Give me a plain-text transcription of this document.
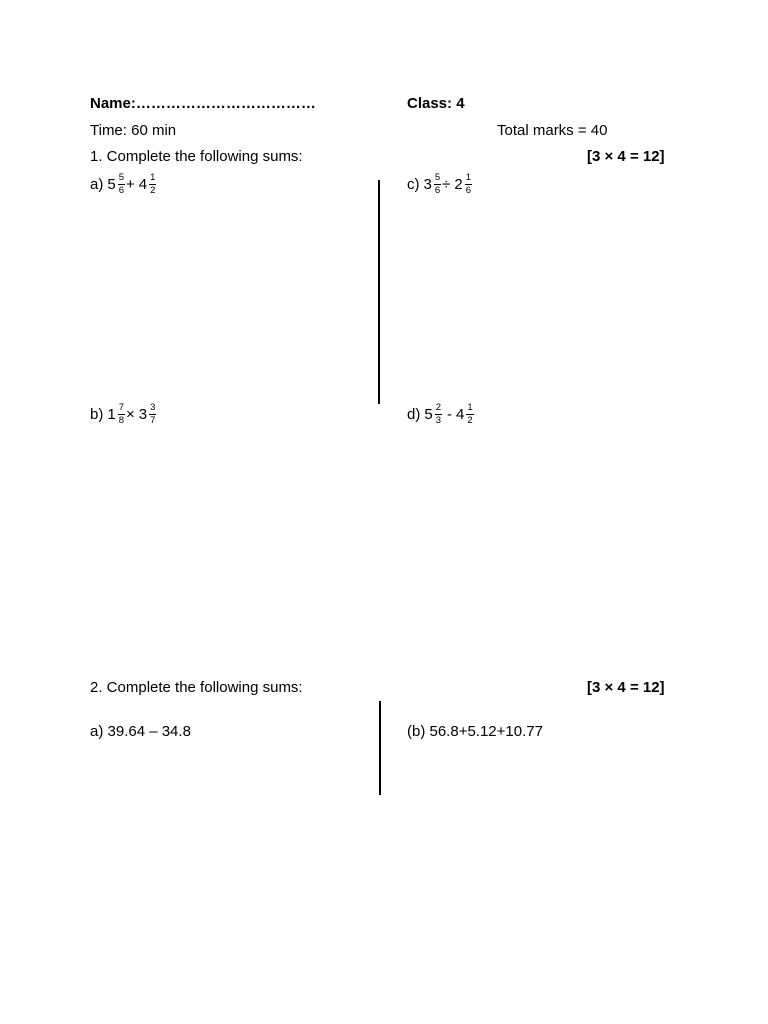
Name:………………………………	Class: 4
Time: 60 min	Total marks = 40
1. Complete the following sums:	[3 × 4 = 12]
a) $5 \frac{5}{6} + 4 \frac{1}{2}$	c) $3 \frac{5}{6} \div 2 \frac{1}{6}$
b) $1 \frac{7}{8} \times 3 \frac{3}{7}$	d) $5 \frac{2}{3} - 4 \frac{1}{2}$
2. Complete the following sums:	[3 × 4 = 12]
a) 39.64 – 34.8	(b) 56.8+5.12+10.77
